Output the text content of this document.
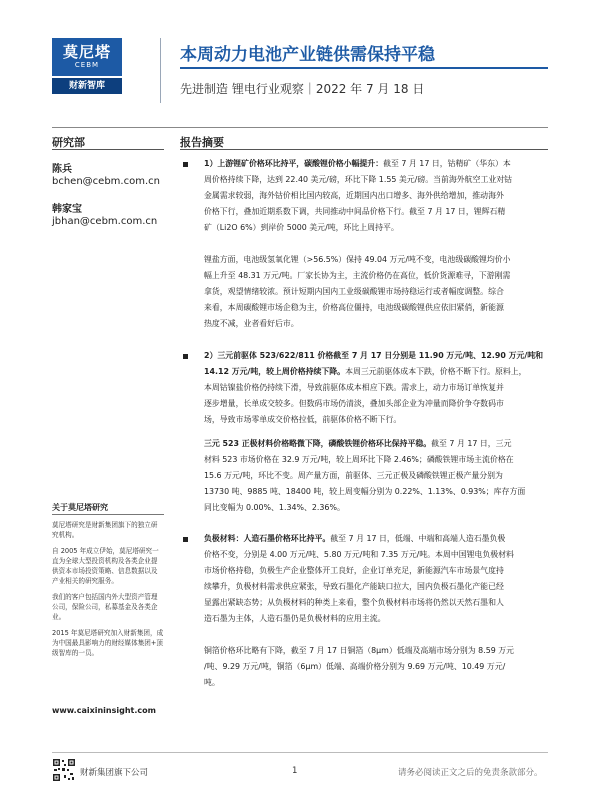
莫尼塔
CEBM
财新智库
本周动力电池产业链供需保持平稳
先进制造 锂电行业观察｜2022 年 7 月 18 日
研究部
陈兵
bchen@cebm.com.cn
韩家宝
jbhan@cebm.com.cn
关于莫尼塔研究

莫尼塔研究是财新集团旗下的独立研究机构。

自 2005 年成立伊始，莫尼塔研究一直为全球大型投资机构及各类企业提供资本市场投资策略、信息数据以及产业相关的研究服务。

我们的客户包括国内外大型资产管理公司，保险公司，私募基金及各类企业。

2015 年莫尼塔研究加入财新集团，成为中国最具影响力的财经媒体集团+顶级智库的一员。

www.caixininsight.com
报告摘要

1）上游锂矿价格环比持平，碳酸锂价格小幅提升：截至 7 月 17 日，钴精矿（华东）本

周价格持续下降，达到 22.40 美元/磅，环比下降 1.55 美元/磅。当前海外航空工业对钴

金属需求较弱，海外钴价相比国内较高，近期国内出口增多、海外供给增加，推动海外

价格下行，叠加近期系数下调，共同推动中间品价格下行。截至 7 月 17 日，锂辉石精

矿（Li2O 6%）到岸价 5000 美元/吨，环比上周持平。

锂盐方面，电池级氢氧化锂（>56.5%）保持 49.04 万元/吨不变，电池级碳酸锂均价小

幅上升至 48.31 万元/吨。厂家长协为主，主流价格仍在高位，低价货源难寻，下游刚需

拿货，观望情绪较浓。预计短期内国内工业级碳酸锂市场持稳运行或者幅度调整。综合

来看，本周碳酸锂市场企稳为主，价格高位僵持，电池级碳酸锂供应依旧紧俏，新能源

热度不减，业者看好后市。

2）三元前驱体 523/622/811 价格截至 7 月 17 日分别是 11.90 万元/吨、12.90 万元/吨和

14.12 万元/吨，较上周价格持续下降。本周三元前驱体成本下跌，价格不断下行。原料上，

本周钴镍盐价格仍持续下滑，导致前驱体成本相应下跌。需求上，动力市场订单恢复并

逐步增量，长单成交较多。但数码市场仍清淡，叠加头部企业为冲量而降价争夺数码市

场，导致市场零单成交价格拉低，前驱体价格不断下行。

三元 523 正极材料价格略微下降，磷酸铁锂价格环比保持平稳。截至 7 月 17 日，三元

材料 523 市场价格在 32.9 万元/吨，较上周环比下降 2.46%；磷酸铁锂市场主流价格在

15.6 万元/吨，环比不变。周产量方面，前驱体、三元正极及磷酸铁锂正极产量分别为

13730 吨、9885 吨、18400 吨，较上周变幅分别为 0.22%、1.13%、0.93%；库存方面

同比变幅为 0.00%、1.34%、2.36%。

负极材料：人造石墨价格环比持平。截至 7 月 17 日，低端、中端和高端人造石墨负极

价格不变，分别是 4.00 万元/吨、5.80 万元/吨和 7.35 万元/吨。本周中国锂电负极材料

市场价格持稳，负极生产企业整体开工良好，企业订单充足，新能源汽车市场景气度持

续攀升，负极材料需求供应紧张，导致石墨化产能缺口拉大，国内负极石墨化产能已经

显露出紧缺态势；从负极材料的种类上来看，整个负极材料市场将仍然以天然石墨和人

造石墨为主体，人造石墨仍是负极材料的应用主流。

铜箔价格环比略有下降，截至 7 月 17 日铜箔（8μm）低端及高端市场分别为 8.59 万元

/吨、9.29 万元/吨，铜箔（6μm）低端、高端价格分别为 9.69 万元/吨、10.49 万元/

吨。

财新集团旗下公司	1	请务必阅读正文之后的免责条款部分。
